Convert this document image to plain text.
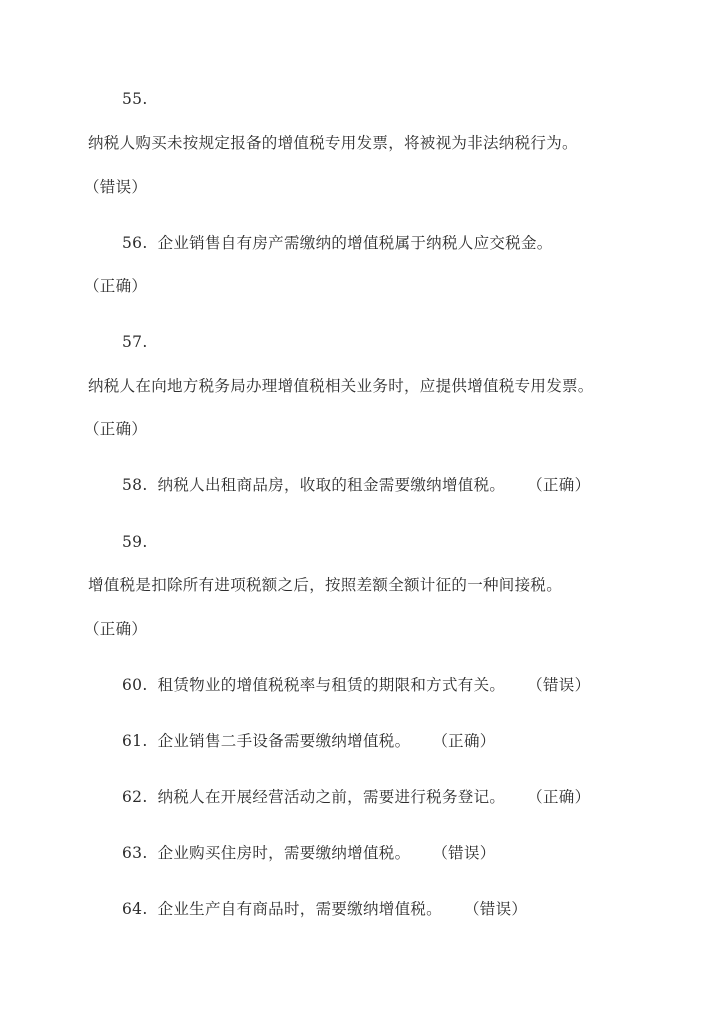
55.
纳税人购买未按规定报备的增值税专用发票，将被视为非法纳税行为。
（错误）
56. 企业销售自有房产需缴纳的增值税属于纳税人应交税金。
（正确）
57.
纳税人在向地方税务局办理增值税相关业务时，应提供增值税专用发票。
（正确）
58. 纳税人出租商品房，收取的租金需要缴纳增值税。 （正确）
59.
增值税是扣除所有进项税额之后，按照差额全额计征的一种间接税。
（正确）
60. 租赁物业的增值税税率与租赁的期限和方式有关。 （错误）
61. 企业销售二手设备需要缴纳增值税。 （正确）
62. 纳税人在开展经营活动之前，需要进行税务登记。 （正确）
63. 企业购买住房时，需要缴纳增值税。 （错误）
64. 企业生产自有商品时，需要缴纳增值税。 （错误）
